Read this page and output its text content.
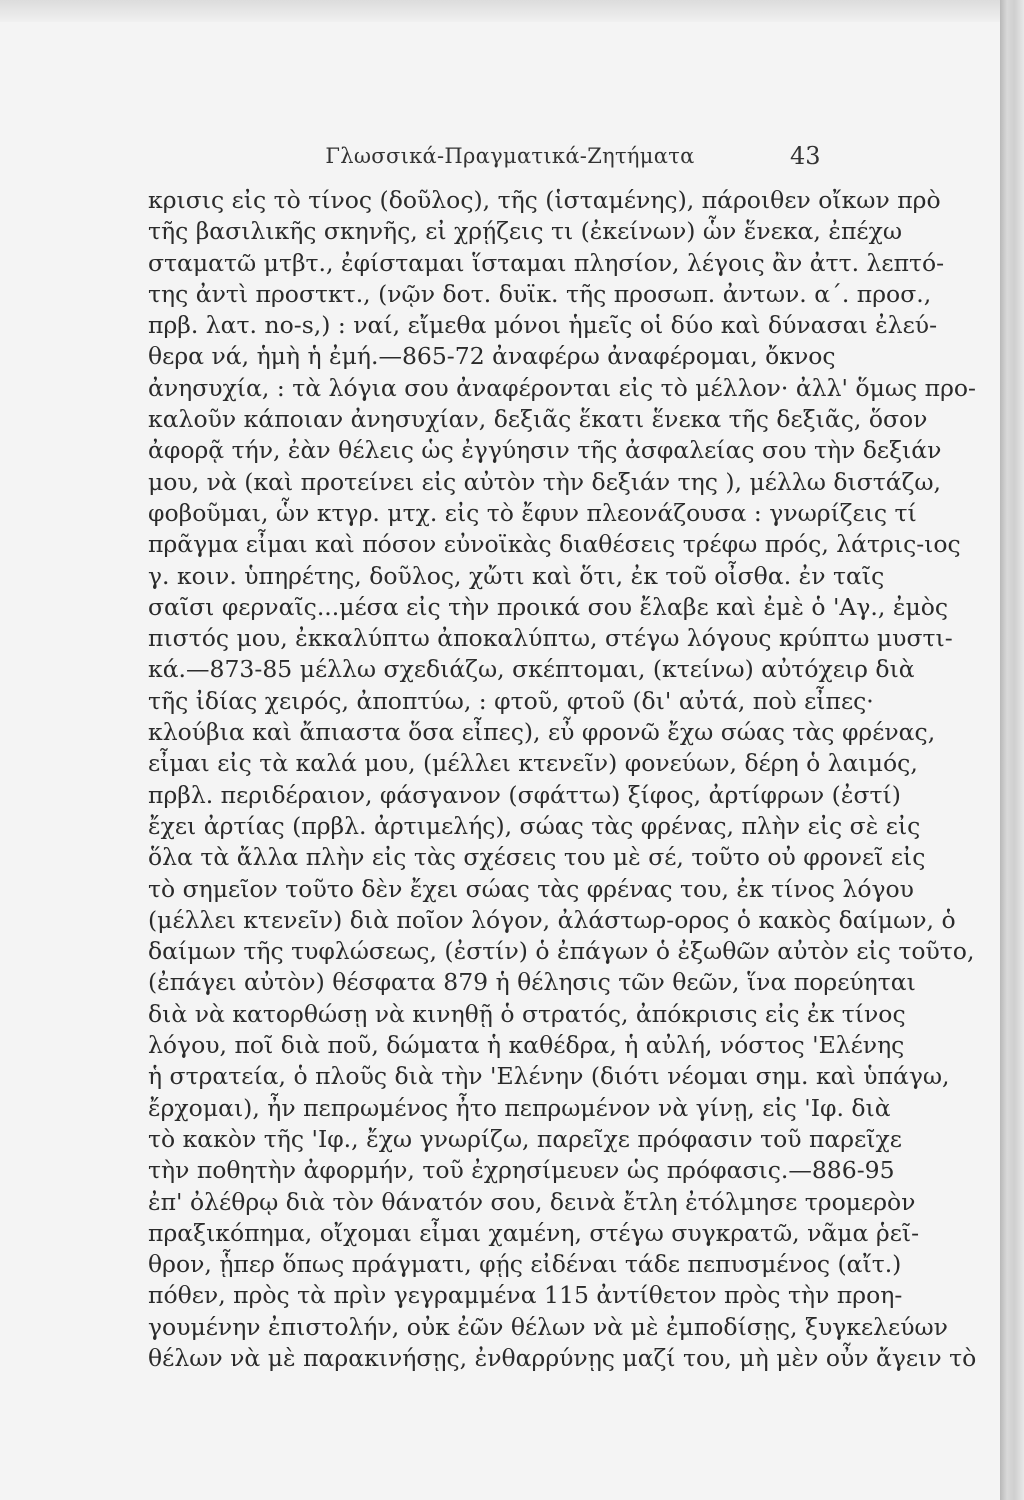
Γλωσσικά-Πραγματικά-Ζητήματα	43
κρισις εἰς τὸ τίνος (δοῦλος), τῆς (ἱσταμένης), πάροιθεν οἴκων πρὸ
τῆς βασιλικῆς σκηνῆς, εἰ χρῄζεις τι (ἐκείνων) ὧν ἕνεκα, ἐπέχω
σταματῶ μτβτ., ἐφίσταμαι ἵσταμαι πλησίον, λέγοις ἂν ἀττ. λεπτό-
της ἀντὶ προστκτ., (νῷν δοτ. δυϊκ. τῆς προσωπ. ἀντων. α΄. προσ.,
πρβ. λατ. no-s,) : ναί, εἴμεθα μόνοι ἡμεῖς οἱ δύο καὶ δύνασαι ἐλεύ-
θερα νά, ἡμὴ ἡ ἐμή.—865-72 ἀναφέρω ἀναφέρομαι, ὄκνος
ἀνησυχία, : τὰ λόγια σου ἀναφέρονται εἰς τὸ μέλλον· ἀλλ' ὅμως προ-
καλοῦν κάποιαν ἀνησυχίαν, δεξιᾶς ἕκατι ἕνεκα τῆς δεξιᾶς, ὅσον
ἀφορᾷ τήν, ἐὰν θέλεις ὡς ἐγγύησιν τῆς ἀσφαλείας σου τὴν δεξιάν
μου, νὰ (καὶ προτείνει εἰς αὐτὸν τὴν δεξιάν της ), μέλλω διστάζω,
φοβοῦμαι, ὧν κτγρ. μτχ. εἰς τὸ ἔφυν πλεονάζουσα : γνωρίζεις τί
πρᾶγμα εἶμαι καὶ πόσον εὐνοϊκὰς διαθέσεις τρέφω πρός, λάτρις-ιος
γ. κοιν. ὑπηρέτης, δοῦλος, χὤτι καὶ ὅτι, ἐκ τοῦ οἶσθα. ἐν ταῖς
σαῖσι φερναῖς...μέσα εἰς τὴν προικά σου ἔλαβε καὶ ἐμὲ ὁ 'Αγ., ἐμὸς
πιστός μου, ἐκκαλύπτω ἀποκαλύπτω, στέγω λόγους κρύπτω μυστι-
κά.—873-85 μέλλω σχεδιάζω, σκέπτομαι, (κτείνω) αὐτόχειρ διὰ
τῆς ἰδίας χειρός, ἀποπτύω, : φτοῦ, φτοῦ (δι' αὐτά, ποὺ εἶπες·
κλούβια καὶ ἄπιαστα ὅσα εἶπες), εὖ φρονῶ ἔχω σώας τὰς φρένας,
εἶμαι εἰς τὰ καλά μου, (μέλλει κτενεῖν) φονεύων, δέρη ὁ λαιμός,
πρβλ. περιδέραιον, φάσγανον (σφάττω) ξίφος, ἀρτίφρων (ἐστί)
ἔχει ἀρτίας (πρβλ. ἀρτιμελής), σώας τὰς φρένας, πλὴν εἰς σὲ εἰς
ὅλα τὰ ἄλλα πλὴν εἰς τὰς σχέσεις του μὲ σέ, τοῦτο οὐ φρονεῖ εἰς
τὸ σημεῖον τοῦτο δὲν ἔχει σώας τὰς φρένας του, ἐκ τίνος λόγου
(μέλλει κτενεῖν) διὰ ποῖον λόγον, ἀλάστωρ-ορος ὁ κακὸς δαίμων, ὁ
δαίμων τῆς τυφλώσεως, (ἐστίν) ὁ ἐπάγων ὁ ἐξωθῶν αὐτὸν εἰς τοῦτο,
(ἐπάγει αὐτὸν) θέσφατα 879 ἡ θέλησις τῶν θεῶν, ἵνα πορεύηται
διὰ νὰ κατορθώσῃ νὰ κινηθῇ ὁ στρατός, ἀπόκρισις εἰς ἐκ τίνος
λόγου, ποῖ διὰ ποῦ, δώματα ἡ καθέδρα, ἡ αὐλή, νόστος 'Ελένης
ἡ στρατεία, ὁ πλοῦς διὰ τὴν 'Ελένην (διότι νέομαι σημ. καὶ ὑπάγω,
ἔρχομαι), ἦν πεπρωμένος ἦτο πεπρωμένον νὰ γίνῃ, εἰς 'Ιφ. διὰ
τὸ κακὸν τῆς 'Ιφ., ἔχω γνωρίζω, παρεῖχε πρόφασιν τοῦ παρεῖχε
τὴν ποθητὴν ἀφορμήν, τοῦ ἐχρησίμευεν ὡς πρόφασις.—886-95
ἐπ' ὀλέθρῳ διὰ τὸν θάνατόν σου, δεινὰ ἔτλη ἐτόλμησε τρομερὸν
πραξικόπημα, οἴχομαι εἶμαι χαμένη, στέγω συγκρατῶ, νᾶμα ῥεῖ-
θρον, ᾗπερ ὅπως πράγματι, φῄς εἰδέναι τάδε πεπυσμένος (αἴτ.)
πόθεν, πρὸς τὰ πρὶν γεγραμμένα 115 ἀντίθετον πρὸς τὴν προη-
γουμένην ἐπιστολήν, οὐκ ἐῶν θέλων νὰ μὲ ἐμποδίσῃς, ξυγκελεύων
θέλων νὰ μὲ παρακινήσῃς, ἐνθαρρύνῃς μαζί του, μὴ μὲν οὖν ἄγειν τὸ
